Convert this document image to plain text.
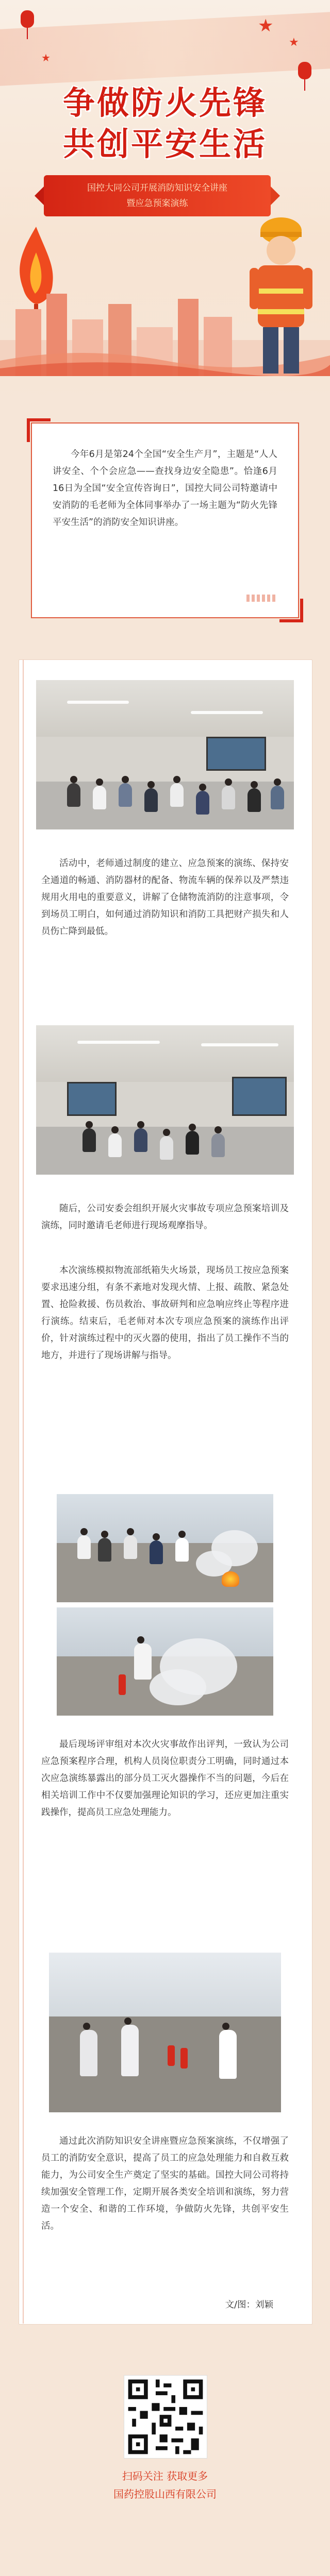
★
★
★
争做防火先锋
共创平安生活
国控大同公司开展消防知识安全讲座
暨应急预案演练

今年6月是第24个全国“安全生产月”，主题是“人人讲安全、个个会应急——查找身边安全隐患”。恰逢6月16日为全国“安全宣传咨询日”，国控大同公司特邀请中安消防的毛老师为全体同事举办了一场主题为“防火先锋 平安生活”的消防安全知识讲座。

活动中，老师通过制度的建立、应急预案的演练、保持安全通道的畅通、消防器材的配备、物流车辆的保养以及严禁违规用火用电的重要意义，讲解了仓储物流消防的注意事项，令到场员工明白，如何通过消防知识和消防工具把财产损失和人员伤亡降到最低。

随后，公司安委会组织开展火灾事故专项应急预案培训及演练，同时邀请毛老师进行现场观摩指导。

本次演练模拟物流部纸箱失火场景，现场员工按应急预案要求迅速分组，有条不紊地对发现火情、上报、疏散、紧急处置、抢险救援、伤员救治、事故研判和应急响应终止等程序进行演练。结束后，毛老师对本次专项应急预案的演练作出评价，针对演练过程中的灭火器的使用，指出了员工操作不当的地方，并进行了现场讲解与指导。

最后现场评审组对本次火灾事故作出评判，一致认为公司应急预案程序合理，机构人员岗位职责分工明确，同时通过本次应急演练暴露出的部分员工灭火器操作不当的问题，今后在相关培训工作中不仅要加强理论知识的学习，还应更加注重实践操作，提高员工应急处理能力。

通过此次消防知识安全讲座暨应急预案演练，不仅增强了员工的消防安全意识，提高了员工的应急处理能力和自救互救能力，为公司安全生产奠定了坚实的基础。国控大同公司将持续加强安全管理工作，定期开展各类安全培训和演练，努力营造一个安全、和谐的工作环境，争做防火先锋，共创平安生活。

文/图：刘颖
扫码关注 获取更多
国药控股山西有限公司
